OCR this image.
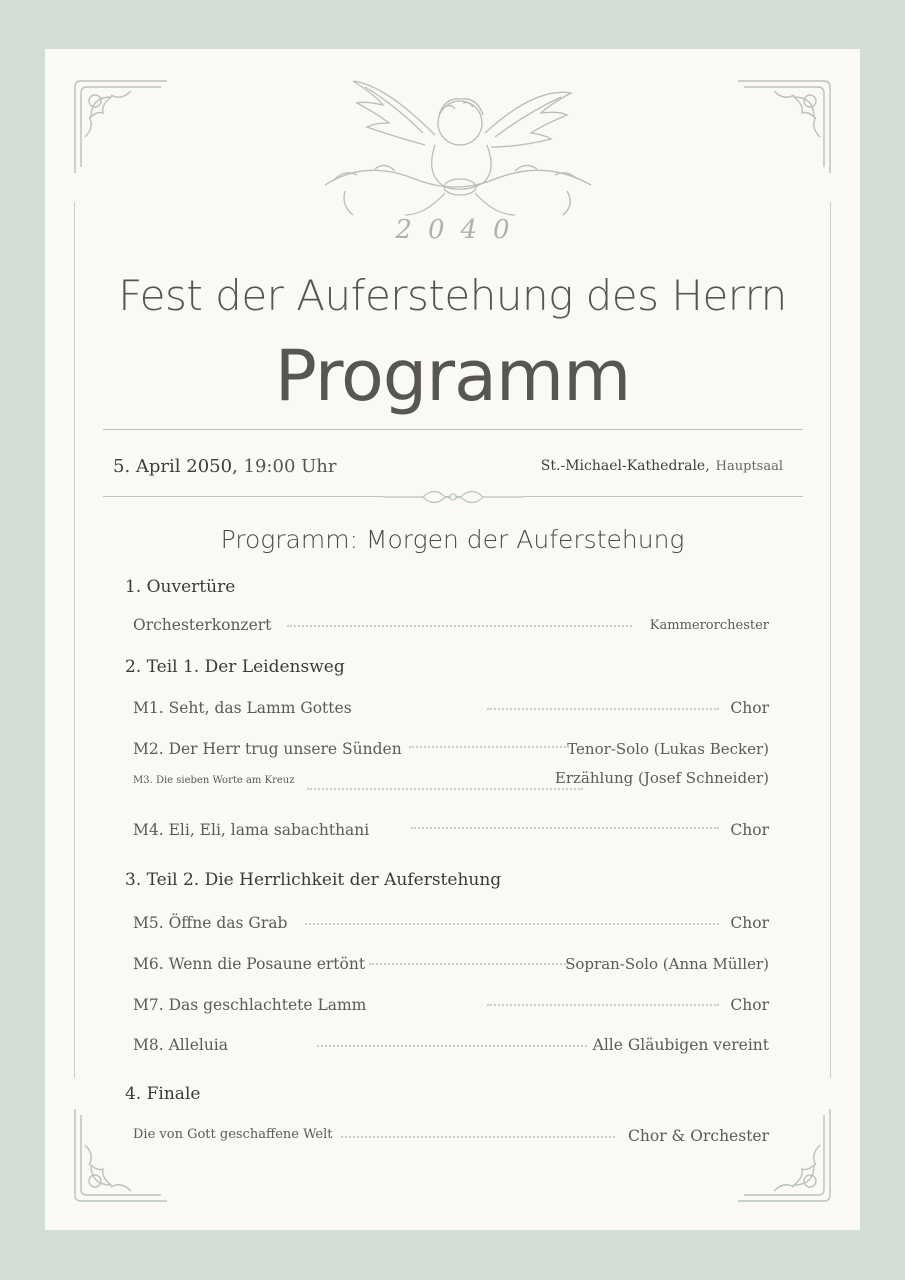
2040
Fest der Auferstehung des Herrn
Programm
5. April 2050, 19:00 Uhr	St.-Michael-Kathedrale, Hauptsaal
Programm: Morgen der Auferstehung
1. Ouvertüre
Orchesterkonzert	Kammerorchester
2. Teil 1. Der Leidensweg
M1. Seht, das Lamm Gottes	Chor
M2. Der Herr trug unsere Sünden	Tenor-Solo (Lukas Becker)
M3. Die sieben Worte am Kreuz	Erzählung (Josef Schneider)
M4. Eli, Eli, lama sabachthani	Chor
3. Teil 2. Die Herrlichkeit der Auferstehung
M5. Öffne das Grab	Chor
M6. Wenn die Posaune ertönt	Sopran-Solo (Anna Müller)
M7. Das geschlachtete Lamm	Chor
M8. Alleluia	Alle Gläubigen vereint
4. Finale
Die von Gott geschaffene Welt	Chor & Orchester
